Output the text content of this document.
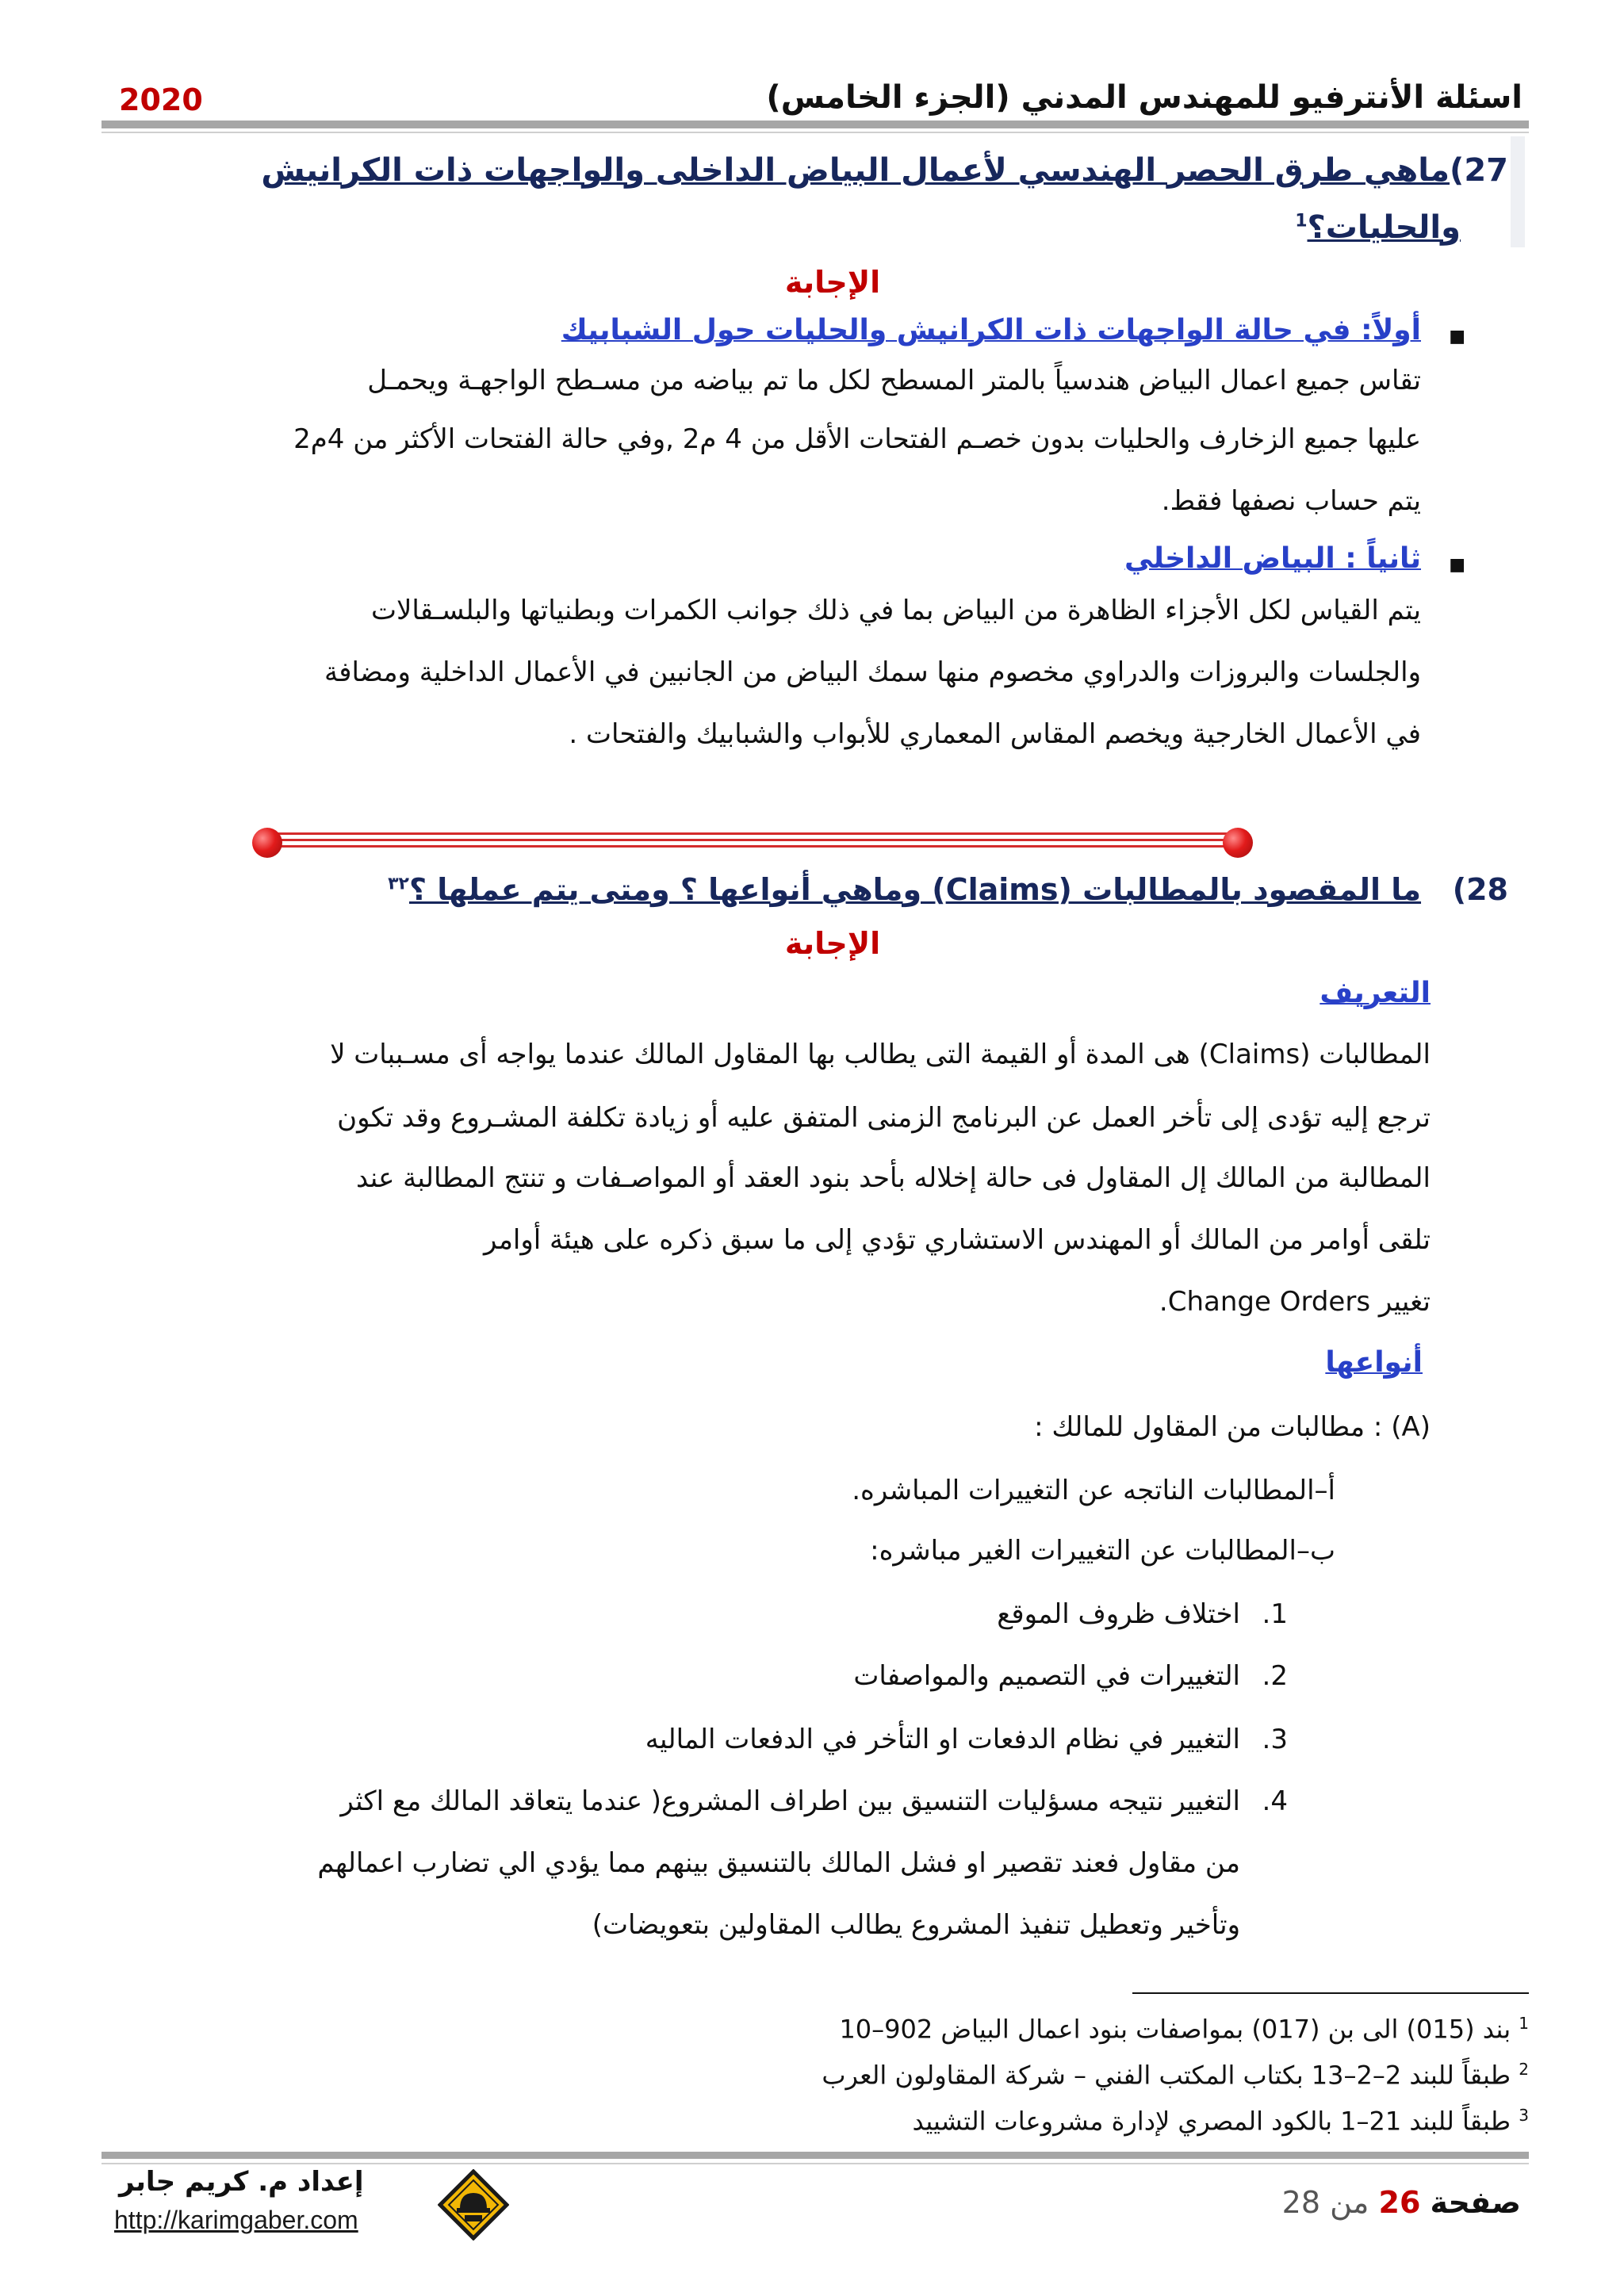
2020	اسئلة الأنترفيو للمهندس المدني (الجزء الخامس)
27)ماهي طرق الحصر الهندسي لأعمال البياض الداخلى والواجهات ذات الكرانيش
والحليات؟$^1$
الإجابة
■
أولاً: في حالة الواجهات ذات الكرانيش والحليات حول الشبابيك
تقاس جميع اعمال البياض هندسياً بالمتر المسطح لكل ما تم بياضه من مسـطح الواجهـة ويحمـل
عليها جميع الزخارف والحليات بدون خصـم الفتحات الأقل من 4 م2 ,وفي حالة الفتحات الأكثر من 4م2
يتم حساب نصفها فقط.
■
ثانياً : البياض الداخلي
يتم القياس لكل الأجزاء الظاهرة من البياض بما في ذلك جوانب الكمرات وبطنياتها والبلسـقالات
والجلسات والبروزات والدراوي مخصوم منها سمك البياض من الجانبين في الأعمال الداخلية ومضافة
في الأعمال الخارجية ويخصم المقاس المعماري للأبواب والشبابيك والفتحات .
28)   ما المقصود بالمطالبات (Claims) وماهي أنواعها ؟ ومتى يتم عملها ؟$^{٣٢}$
الإجابة
التعريف
المطالبات (Claims) هى المدة أو القيمة التى يطالب بها المقاول المالك عندما يواجه أى مسـببات لا
ترجع إليه تؤدى إلى تأخر العمل عن البرنامج الزمنى المتفق عليه أو زيادة تكلفة المشـروع وقد تكون
المطالبة من المالك إل المقاول فى حالة إخلاله بأحد بنود العقد أو المواصـفات و تنتج المطالبة عند
تلقى أوامر من المالك أو المهندس الاستشاري تؤدي إلى ما سبق ذكره على هيئة أوامر
تغيير Change Orders.
أنواعها
(A) : مطالبات من المقاول للمالك :
أ–المطالبات الناتجه عن التغييرات المباشره.
ب–المطالبات عن التغييرات الغير مباشره:
1.اختلاف ظروف الموقع
2.التغييرات في التصميم والمواصفات
3.التغيير في نظام الدفعات او التأخر في الدفعات الماليه
4.التغيير نتيجه مسؤليات التنسيق بين اطراف المشروع( عندما يتعاقد المالك مع اكثر
من مقاول فعند تقصير او فشل المالك بالتنسيق بينهم مما يؤدي الي تضارب اعمالهم
وتأخير وتعطيل تنفيذ المشروع يطالب المقاولين بتعويضات)
$^1$ بند (015) الى بن (017) بمواصفات بنود اعمال البياض 902–10
$^2$ طبقاً للبند 2–2–13 بكتاب المكتب الفني – شركة المقاولون العرب
$^3$ طبقاً للبند 21–1 بالكود المصري لإدارة مشروعات التشييد
إعداد م. كريم جابر
http://karimgaber.com	صفحة 26 من 28
